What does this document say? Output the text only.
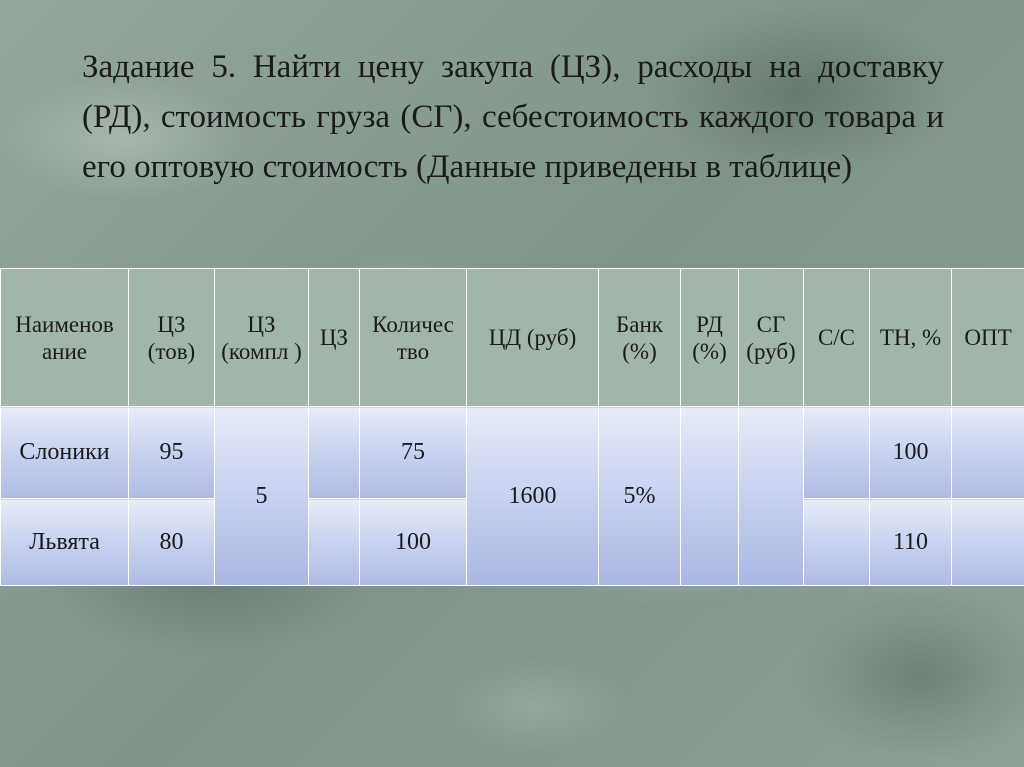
Задание 5. Найти цену закупа (ЦЗ), расходы на доставку (РД), стоимость груза (СГ), себестоимость каждого товара и его оптовую стоимость (Данные приведены в таблице)

Наименов ание	ЦЗ (тов)	ЦЗ (компл )	ЦЗ	Количес тво	ЦД (руб)	Банк (%)	РД (%)	СГ (руб)	С/С	ТН, %	ОПТ
Слоники	95	5		75	1600	5%				100	
Львята	80			100						110	
